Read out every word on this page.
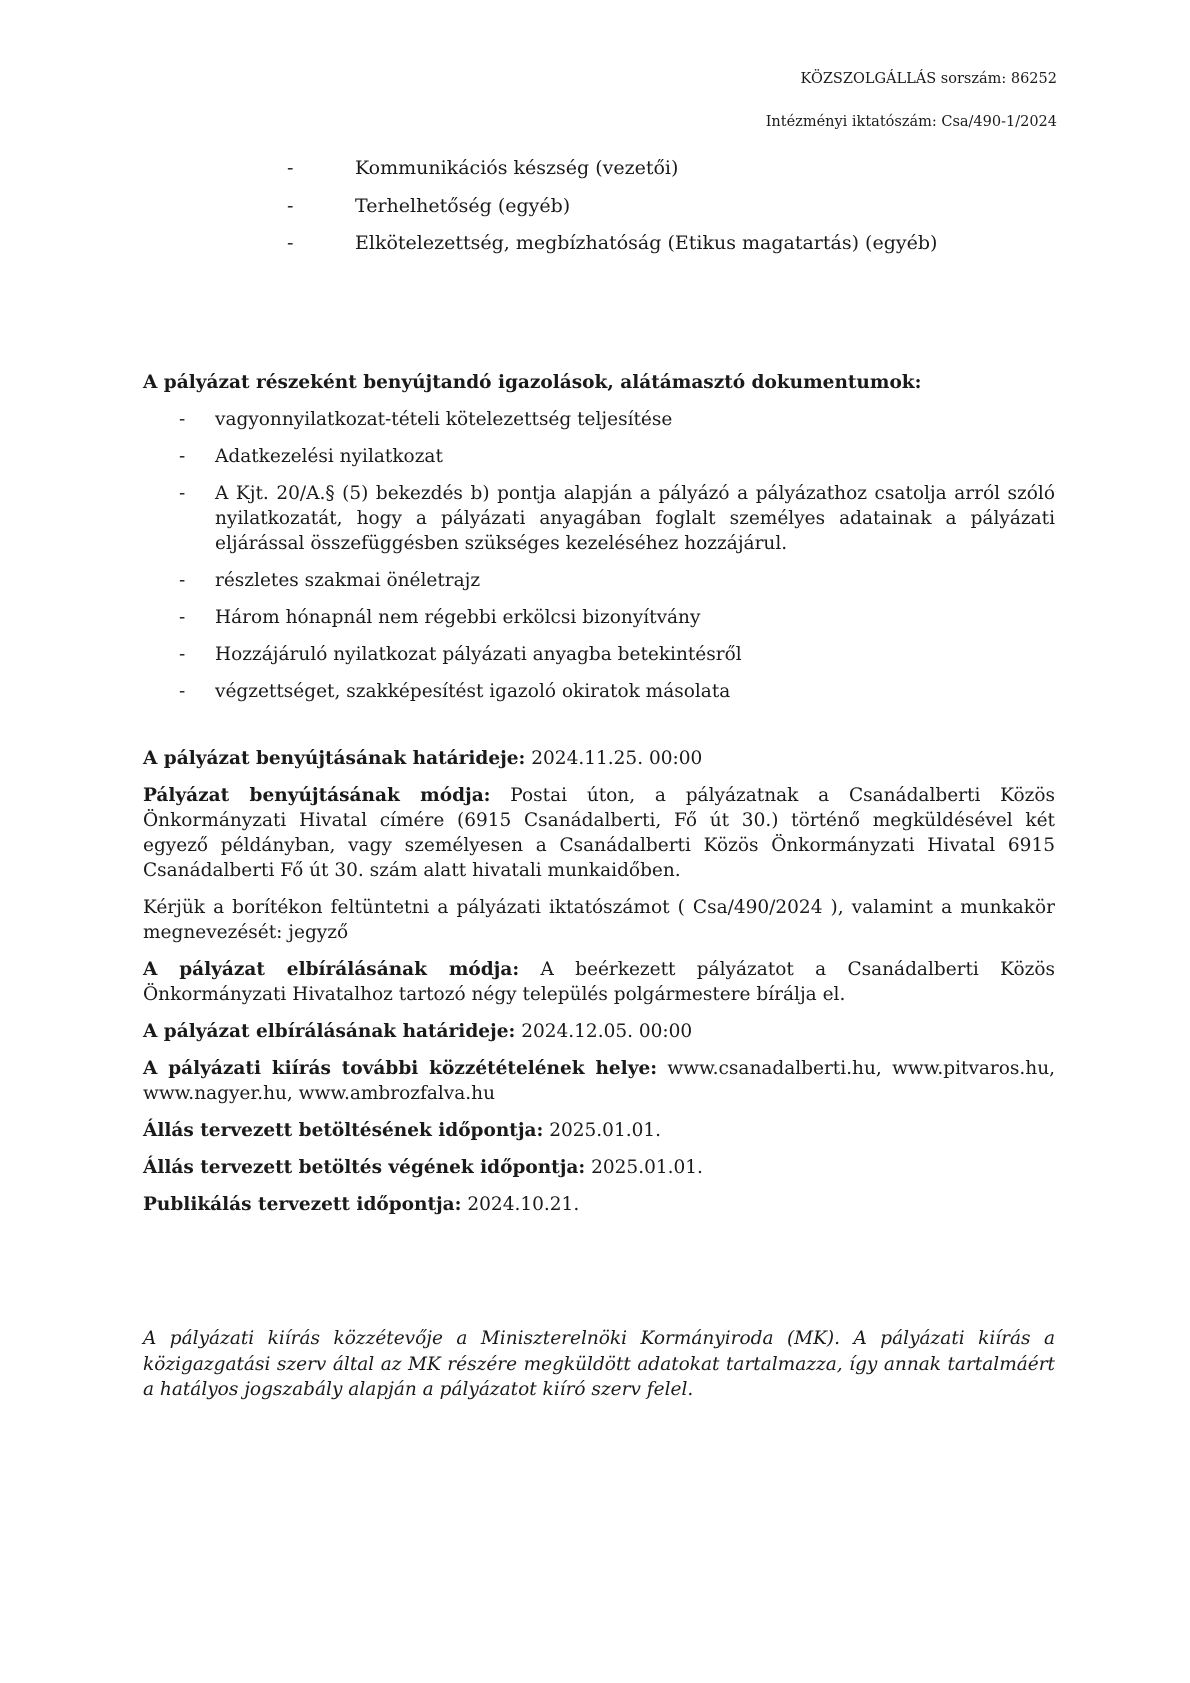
KÖZSZOLGÁLLÁS sorszám: 86252
Intézményi iktatószám: Csa/490-1/2024
-	Kommunikációs készség (vezetői)
-	Terhelhetőség (egyéb)
-	Elkötelezettség, megbízhatóság (Etikus magatartás) (egyéb)

A pályázat részeként benyújtandó igazolások, alátámasztó dokumentumok:

- vagyonnyilatkozat-tételi kötelezettség teljesítése
- Adatkezelési nyilatkozat
- A Kjt. 20/A.§ (5) bekezdés b) pontja alapján a pályázó a pályázathoz csatolja arról szóló nyilatkozatát, hogy a pályázati anyagában foglalt személyes adatainak a pályázati eljárással összefüggésben szükséges kezeléséhez hozzájárul.
- részletes szakmai önéletrajz
- Három hónapnál nem régebbi erkölcsi bizonyítvány
- Hozzájáruló nyilatkozat pályázati anyagba betekintésről
- végzettséget, szakképesítést igazoló okiratok másolata

A pályázat benyújtásának határideje: 2024.11.25. 00:00

Pályázat benyújtásának módja: Postai úton, a pályázatnak a Csanádalberti Közös Önkormányzati Hivatal címére (6915 Csanádalberti, Fő út 30.) történő megküldésével két egyező példányban, vagy személyesen a Csanádalberti Közös Önkormányzati Hivatal 6915 Csanádalberti Fő út 30. szám alatt hivatali munkaidőben.

Kérjük a borítékon feltüntetni a pályázati iktatószámot ( Csa/490/2024 ), valamint a munkakör megnevezését: jegyző

A pályázat elbírálásának módja: A beérkezett pályázatot a Csanádalberti Közös Önkormányzati Hivatalhoz tartozó négy település polgármestere bírálja el.

A pályázat elbírálásának határideje: 2024.12.05. 00:00

A pályázati kiírás további közzétételének helye: www.csanadalberti.hu, www.pitvaros.hu, www.nagyer.hu, www.ambrozfalva.hu

Állás tervezett betöltésének időpontja: 2025.01.01.

Állás tervezett betöltés végének időpontja: 2025.01.01.

Publikálás tervezett időpontja: 2024.10.21.

A pályázati kiírás közzétevője a Miniszterelnöki Kormányiroda (MK). A pályázati kiírás a közigazgatási szerv által az MK részére megküldött adatokat tartalmazza, így annak tartalmáért a hatályos jogszabály alapján a pályázatot kiíró szerv felel.
